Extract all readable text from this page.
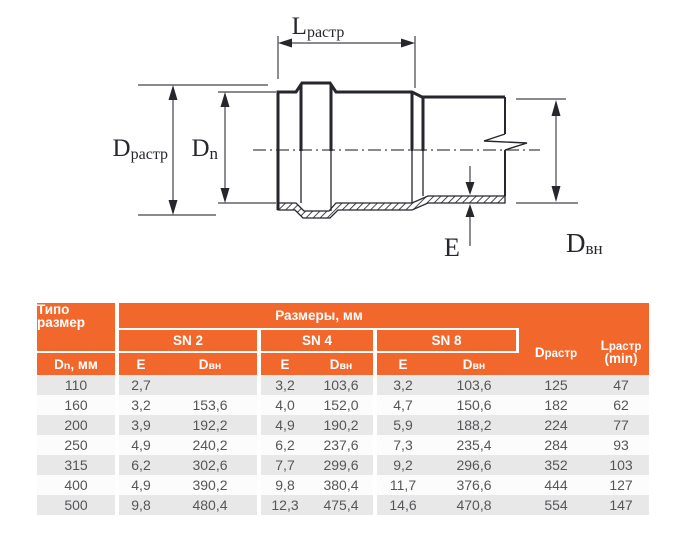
Lрастр
Dрастр Dn
E	Dвн
Типо
размер		Размеры, мм									
		SN 2			SN 4			SN 8		Dрастр	Lрастр
(min)

Dn, мм		E	Dвн		E	Dвн		E	Dвн		
110		2,7			3,2	103,6		3,2	103,6	125	47
160		3,2	153,6		4,0	152,0		4,7	150,6	182	62
200		3,9	192,2		4,9	190,2		5,9	188,2	224	77
250		4,9	240,2		6,2	237,6		7,3	235,4	284	93
315		6,2	302,6		7,7	299,6		9,2	296,6	352	103
400		4,9	390,2		9,8	380,4		11,7	376,6	444	127
500		9,8	480,4		12,3	475,4		14,6	470,8	554	147
